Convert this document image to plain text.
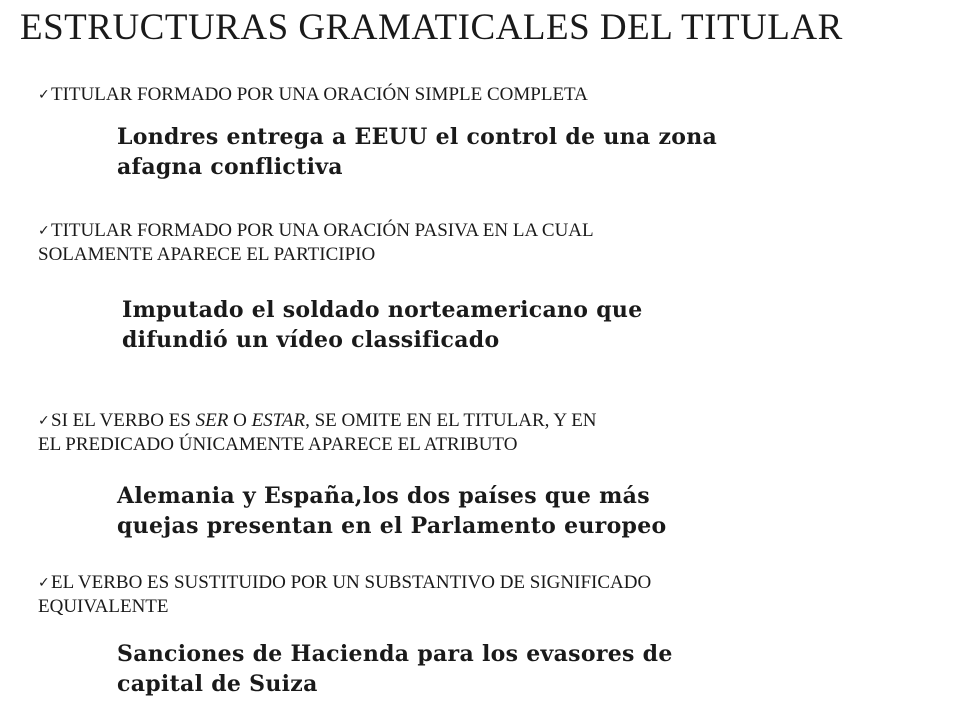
ESTRUCTURAS GRAMATICALES DEL TITULAR
✓TITULAR FORMADO POR UNA ORACIÓN SIMPLE COMPLETA
Londres entrega a EEUU el control de una zona
afagna conflictiva
✓TITULAR FORMADO POR UNA ORACIÓN PASIVA EN LA CUAL
SOLAMENTE APARECE EL PARTICIPIO
Imputado el soldado norteamericano que
difundió un vídeo classificado
✓SI EL VERBO ES SER O ESTAR, SE OMITE EN EL TITULAR, Y EN
EL PREDICADO ÚNICAMENTE APARECE EL ATRIBUTO
Alemania y España,los dos países que más
quejas presentan en el Parlamento europeo
✓EL VERBO ES SUSTITUIDO POR UN SUBSTANTIVO DE SIGNIFICADO
EQUIVALENTE
Sanciones de Hacienda para los evasores de
capital de Suiza
